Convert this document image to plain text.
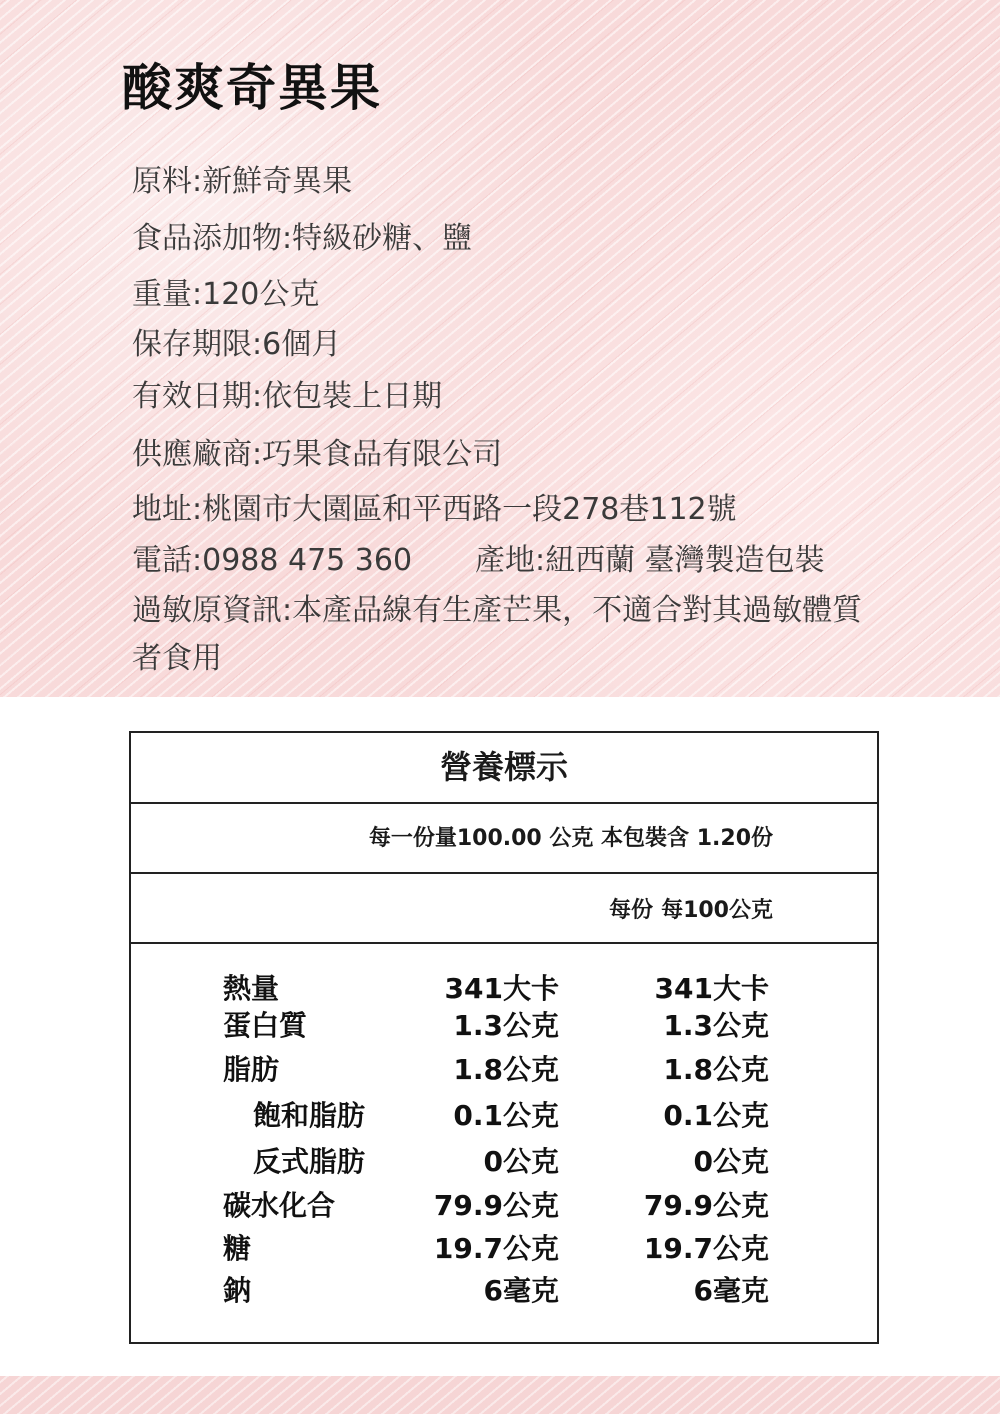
酸爽奇異果
原料:新鮮奇異果
食品添加物:特級砂糖、鹽
重量:120公克
保存期限:6個月
有效日期:依包裝上日期
供應廠商:巧果食品有限公司
地址:桃園市大園區和平西路一段278巷112號
電話:0988 475 360 產地:紐西蘭 臺灣製造包裝
過敏原資訊:本產品線有生產芒果，不適合對其過敏體質者食用
營養標示
每一份量100.00 公克 本包裝含 1.20份
每份 每100公克
熱量	341大卡	341大卡
蛋白質	1.3公克	1.3公克
脂肪	1.8公克	1.8公克
飽和脂肪	0.1公克	0.1公克
反式脂肪	0公克	0公克
碳水化合	79.9公克	79.9公克
糖	19.7公克	19.7公克
鈉	6毫克	6毫克
